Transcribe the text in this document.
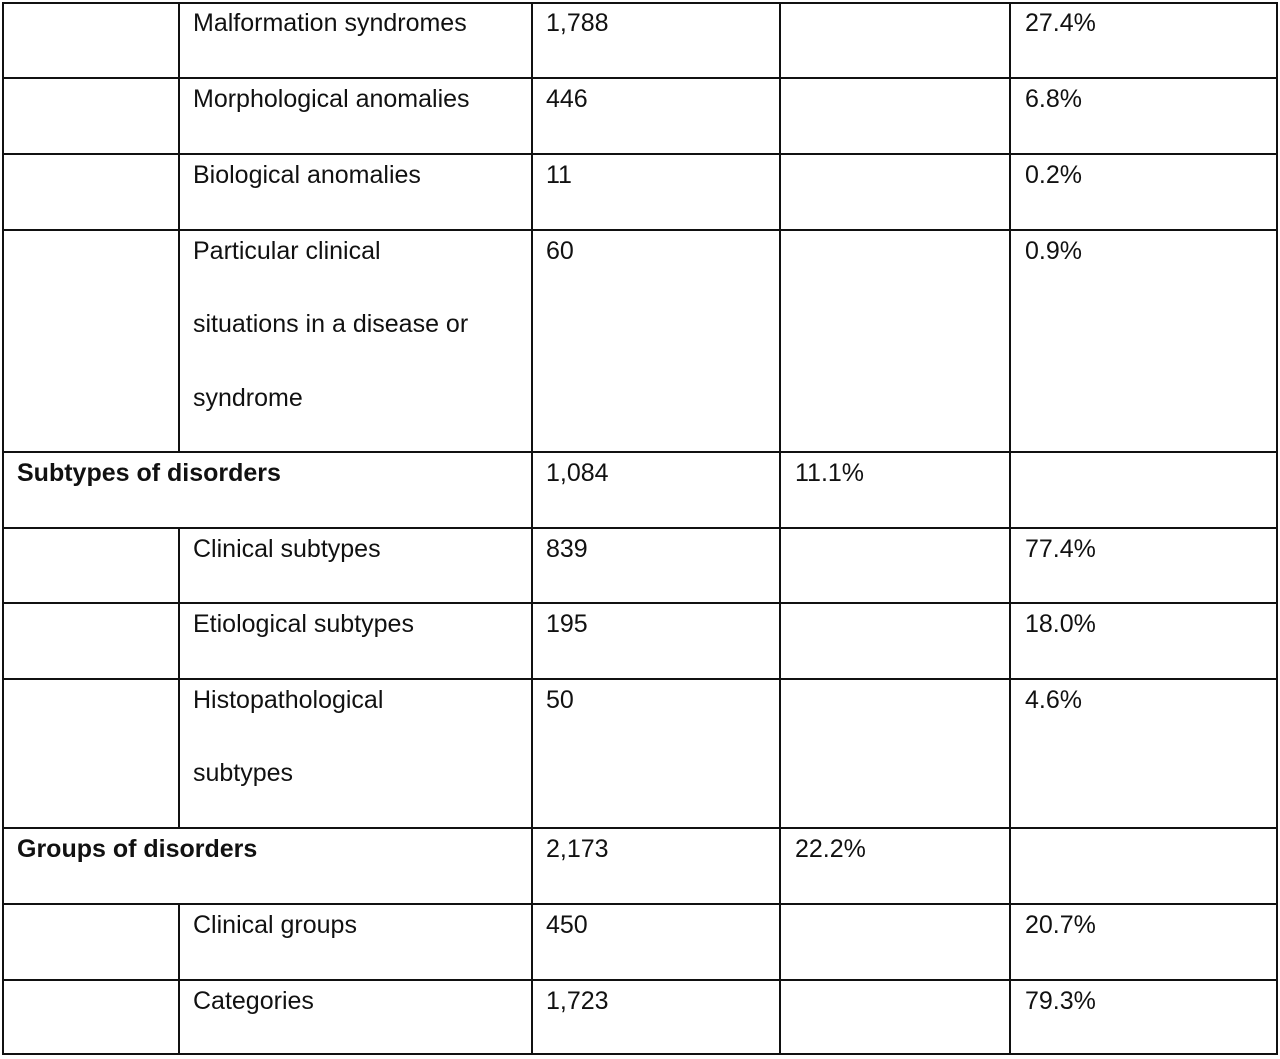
Malformation syndromes	1,788	27.4%
Morphological anomalies	446	6.8%
Biological anomalies	11	0.2%
Particular clinical
situations in a disease or
syndrome
60	0.9%
Subtypes of disorders	1,084	11.1%
Clinical subtypes	839	77.4%
Etiological subtypes	195	18.0%
Histopathological
subtypes
50	4.6%
Groups of disorders	2,173	22.2%
Clinical groups	450	20.7%
Categories	1,723	79.3%
